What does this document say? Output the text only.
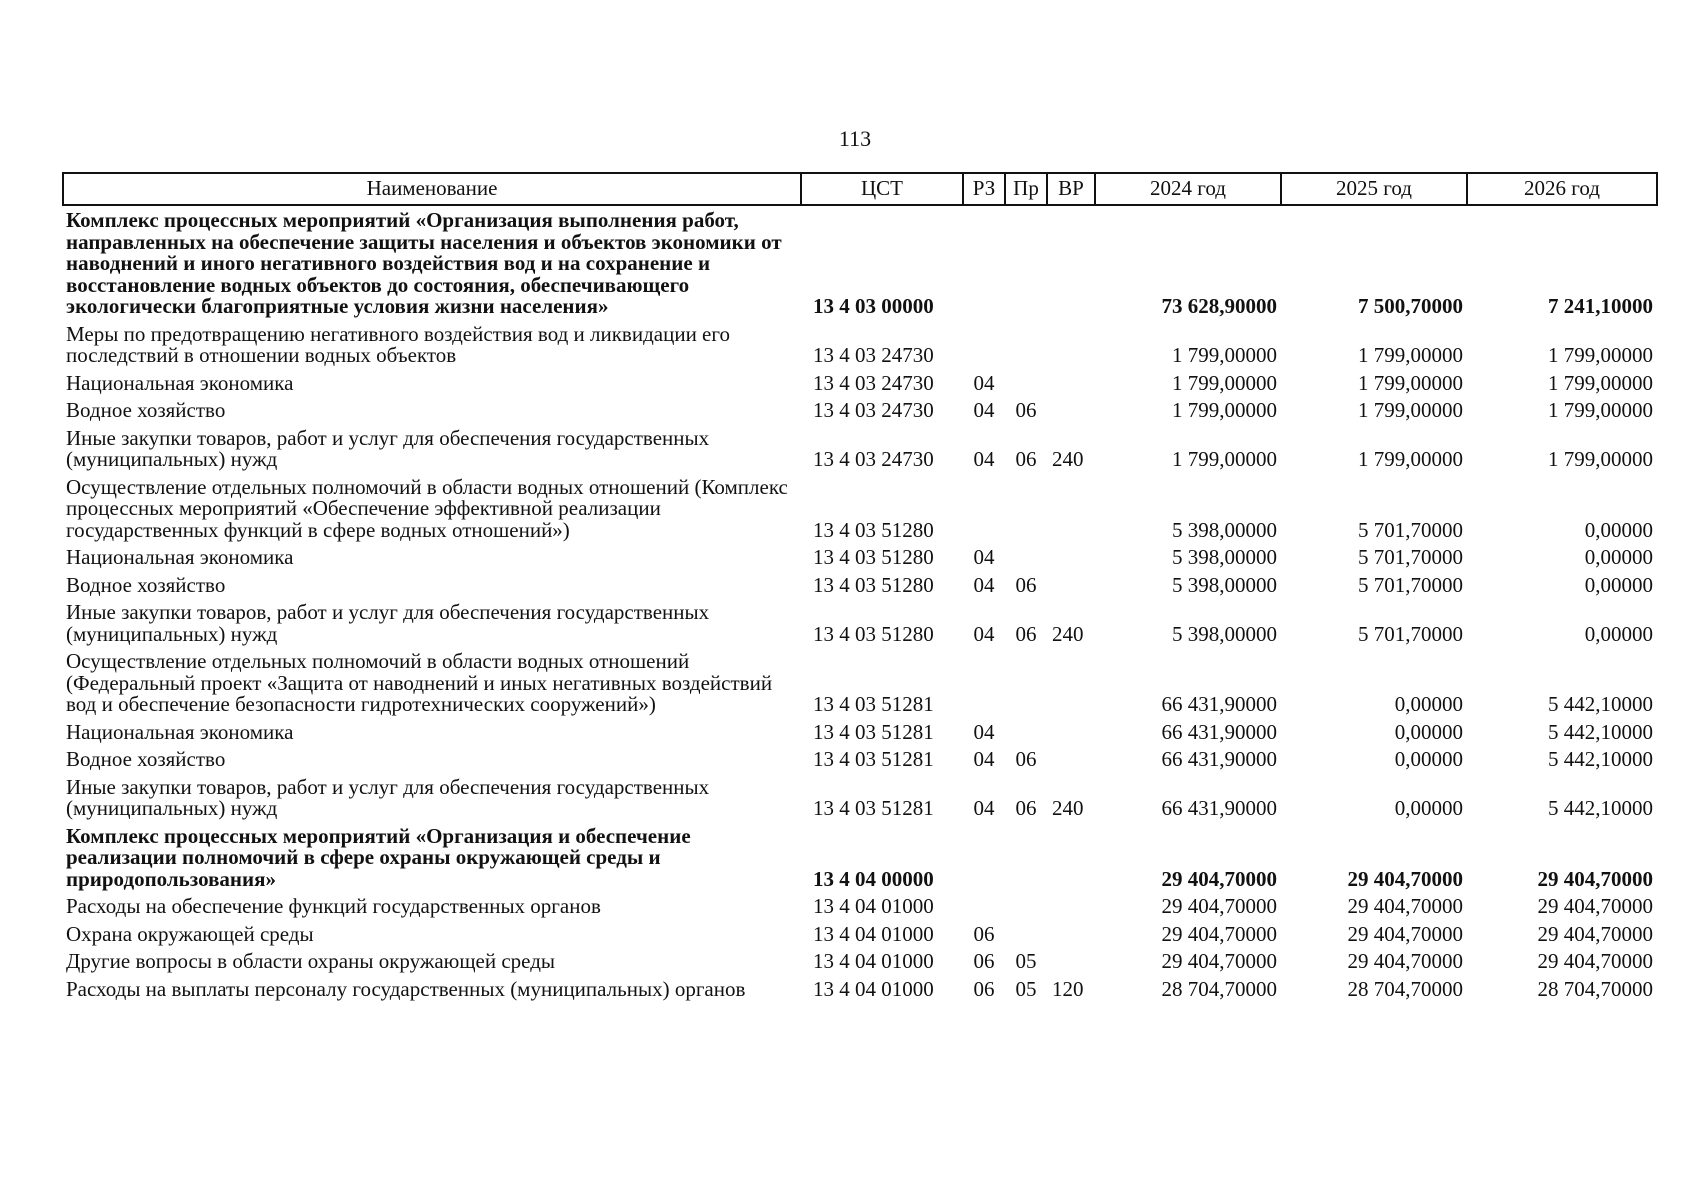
113
Наименование	ЦСТ	РЗ	Пр	ВР	2024 год	2025 год	2026 год
Комплекс процессных мероприятий «Организация выполнения работ, направленных на обеспечение защиты населения и объектов экономики от наводнений и иного негативного воздействия вод и на сохранение и восстановление водных объектов до состояния, обеспечивающего экологически благоприятные условия жизни населения»	13 4 03 00000				73 628,90000	7 500,70000	7 241,10000
Меры по предотвращению негативного воздействия вод и ликвидации его последствий в отношении водных объектов	13 4 03 24730				1 799,00000	1 799,00000	1 799,00000
Национальная экономика	13 4 03 24730	04			1 799,00000	1 799,00000	1 799,00000
Водное хозяйство	13 4 03 24730	04	06		1 799,00000	1 799,00000	1 799,00000
Иные закупки товаров, работ и услуг для обеспечения государственных (муниципальных) нужд	13 4 03 24730	04	06	240	1 799,00000	1 799,00000	1 799,00000
Осуществление отдельных полномочий в области водных отношений (Комплекс процессных мероприятий «Обеспечение эффективной реализации государственных функций в сфере водных отношений»)	13 4 03 51280				5 398,00000	5 701,70000	0,00000
Национальная экономика	13 4 03 51280	04			5 398,00000	5 701,70000	0,00000
Водное хозяйство	13 4 03 51280	04	06		5 398,00000	5 701,70000	0,00000
Иные закупки товаров, работ и услуг для обеспечения государственных (муниципальных) нужд	13 4 03 51280	04	06	240	5 398,00000	5 701,70000	0,00000
Осуществление отдельных полномочий в области водных отношений (Федеральный проект «Защита от наводнений и иных негативных воздействий вод и обеспечение безопасности гидротехнических сооружений»)	13 4 03 51281				66 431,90000	0,00000	5 442,10000
Национальная экономика	13 4 03 51281	04			66 431,90000	0,00000	5 442,10000
Водное хозяйство	13 4 03 51281	04	06		66 431,90000	0,00000	5 442,10000
Иные закупки товаров, работ и услуг для обеспечения государственных (муниципальных) нужд	13 4 03 51281	04	06	240	66 431,90000	0,00000	5 442,10000
Комплекс процессных мероприятий «Организация и обеспечение реализации полномочий в сфере охраны окружающей среды и природопользования»	13 4 04 00000				29 404,70000	29 404,70000	29 404,70000
Расходы на обеспечение функций государственных органов	13 4 04 01000				29 404,70000	29 404,70000	29 404,70000
Охрана окружающей среды	13 4 04 01000	06			29 404,70000	29 404,70000	29 404,70000
Другие вопросы в области охраны окружающей среды	13 4 04 01000	06	05		29 404,70000	29 404,70000	29 404,70000
Расходы на выплаты персоналу государственных (муниципальных) органов	13 4 04 01000	06	05	120	28 704,70000	28 704,70000	28 704,70000
